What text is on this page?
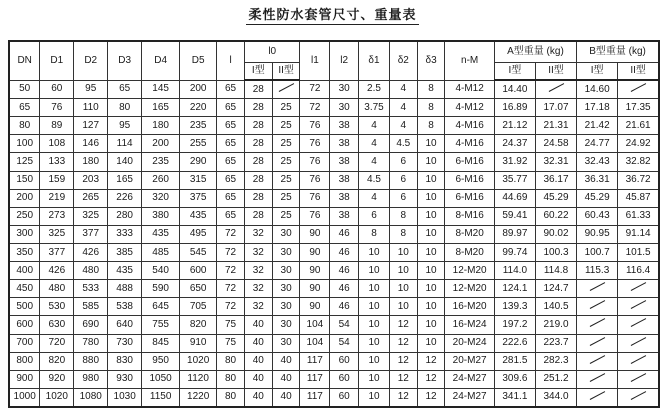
柔性防水套管尺寸、重量表
DN	D1	D2	D3	D4	D5	l	l0		l1	l2	δ1	δ2	δ3	n-M	A型重量 (kg)		B型重量 (kg)	
							I型	II型							I型	II型	I型	II型
50	60	95	65	145	200	65	28		72	30	2.5	4	8	4-M12	14.40		14.60	
65	76	110	80	165	220	65	28	25	72	30	3.75	4	8	4-M12	16.89	17.07	17.18	17.35
80	89	127	95	180	235	65	28	25	76	38	4	4	8	4-M16	21.12	21.31	21.42	21.61
100	108	146	114	200	255	65	28	25	76	38	4	4.5	10	4-M16	24.37	24.58	24.77	24.92
125	133	180	140	235	290	65	28	25	76	38	4	6	10	6-M16	31.92	32.31	32.43	32.82
150	159	203	165	260	315	65	28	25	76	38	4.5	6	10	6-M16	35.77	36.17	36.31	36.72
200	219	265	226	320	375	65	28	25	76	38	4	6	10	6-M16	44.69	45.29	45.29	45.87
250	273	325	280	380	435	65	28	25	76	38	6	8	10	8-M16	59.41	60.22	60.43	61.33
300	325	377	333	435	495	72	32	30	90	46	8	8	10	8-M20	89.97	90.02	90.95	91.14
350	377	426	385	485	545	72	32	30	90	46	10	10	10	8-M20	99.74	100.3	100.7	101.5
400	426	480	435	540	600	72	32	30	90	46	10	10	10	12-M20	114.0	114.8	115.3	116.4
450	480	533	488	590	650	72	32	30	90	46	10	10	10	12-M20	124.1	124.7		
500	530	585	538	645	705	72	32	30	90	46	10	10	10	16-M20	139.3	140.5		
600	630	690	640	755	820	75	40	30	104	54	10	12	10	16-M24	197.2	219.0		
700	720	780	730	845	910	75	40	30	104	54	10	12	10	20-M24	222.6	223.7		
800	820	880	830	950	1020	80	40	40	117	60	10	12	12	20-M27	281.5	282.3		
900	920	980	930	1050	1120	80	40	40	117	60	10	12	12	24-M27	309.6	251.2		
1000	1020	1080	1030	1150	1220	80	40	40	117	60	10	12	12	24-M27	341.1	344.0		
